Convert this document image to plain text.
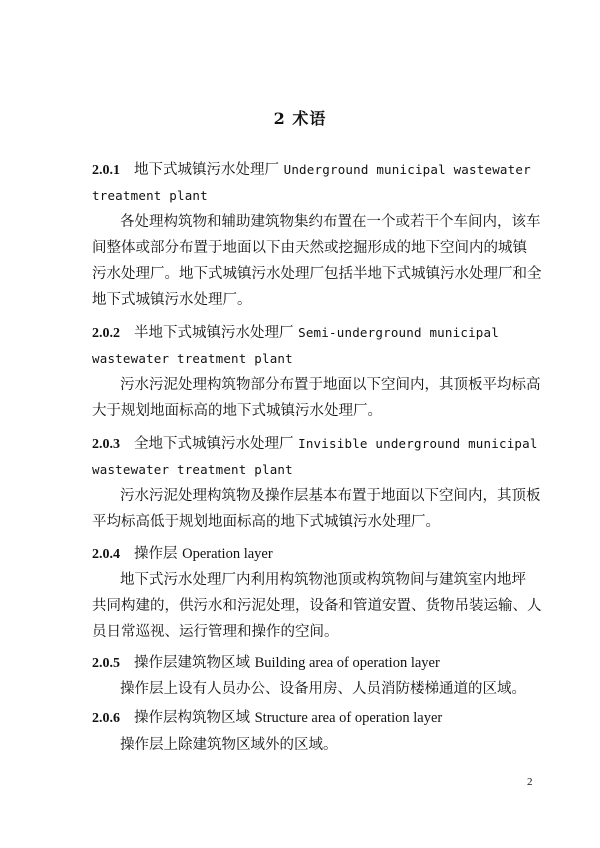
2 术语
2.0.1 地下式城镇污水处理厂 Underground municipal wastewater
treatment plant
各处理构筑物和辅助建筑物集约布置在一个或若干个车间内，该车
间整体或部分布置于地面以下由天然或挖掘形成的地下空间内的城镇
污水处理厂。地下式城镇污水处理厂包括半地下式城镇污水处理厂和全
地下式城镇污水处理厂。
2.0.2 半地下式城镇污水处理厂 Semi-underground municipal
wastewater treatment plant
污水污泥处理构筑物部分布置于地面以下空间内，其顶板平均标高
大于规划地面标高的地下式城镇污水处理厂。
2.0.3 全地下式城镇污水处理厂 Invisible underground municipal
wastewater treatment plant
污水污泥处理构筑物及操作层基本布置于地面以下空间内，其顶板
平均标高低于规划地面标高的地下式城镇污水处理厂。
2.0.4 操作层 Operation layer
地下式污水处理厂内利用构筑物池顶或构筑物间与建筑室内地坪
共同构建的，供污水和污泥处理，设备和管道安置、货物吊装运输、人
员日常巡视、运行管理和操作的空间。
2.0.5 操作层建筑物区域 Building area of operation layer
操作层上设有人员办公、设备用房、人员消防楼梯通道的区域。
2.0.6 操作层构筑物区域 Structure area of operation layer
操作层上除建筑物区域外的区域。
2
